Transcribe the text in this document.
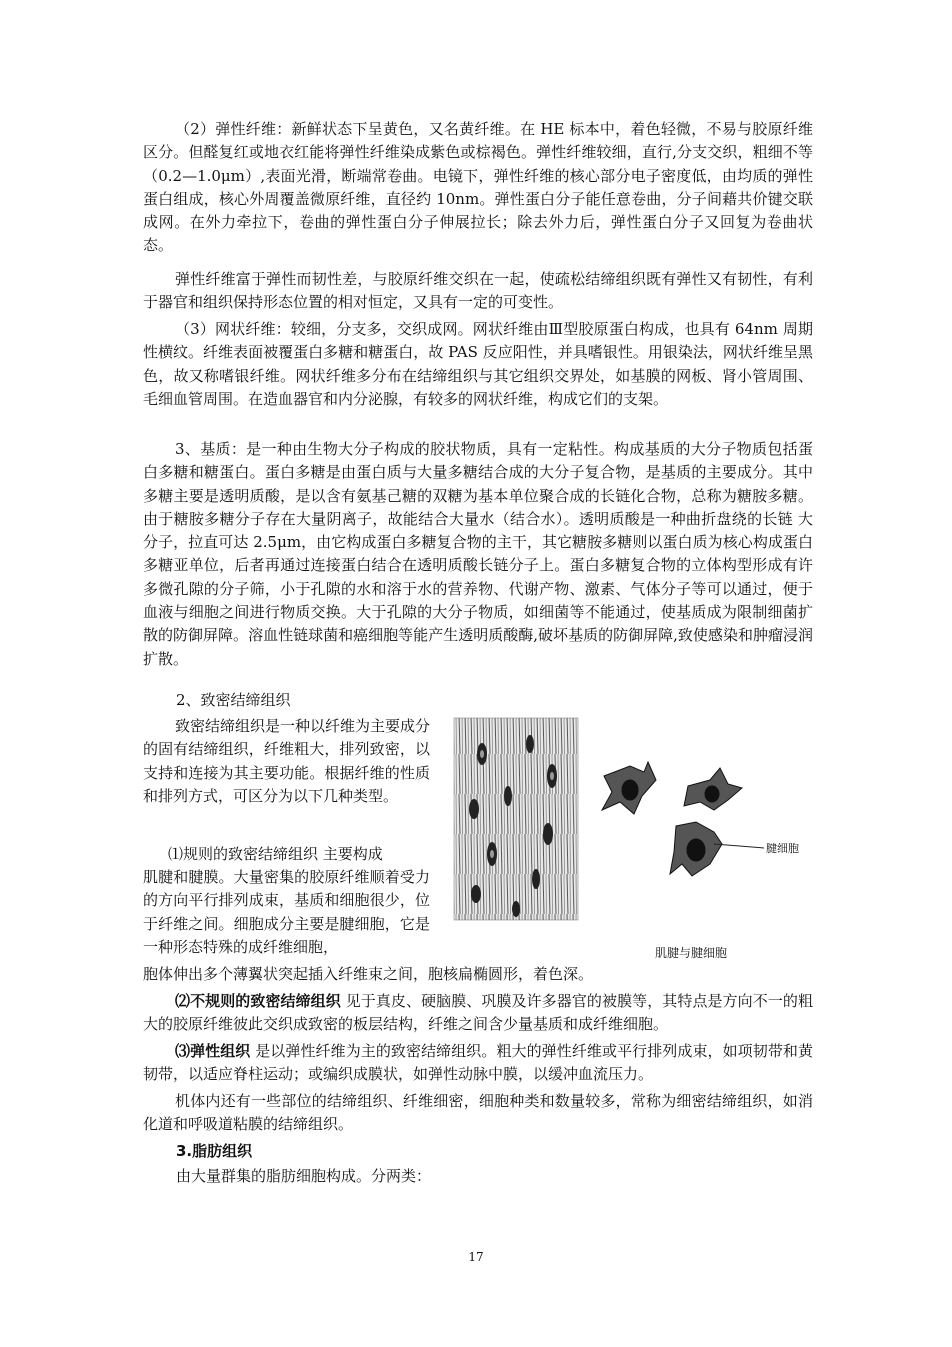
（2）弹性纤维：新鲜状态下呈黄色，又名黄纤维。在 HE 标本中，着色轻微，不易与胶原纤维区分。但醛复红或地衣红能将弹性纤维染成紫色或棕褐色。弹性纤维较细，直行,分支交织，粗细不等（0.2—1.0μm）,表面光滑，断端常卷曲。电镜下，弹性纤维的核心部分电子密度低，由均质的弹性蛋白组成，核心外周覆盖微原纤维，直径约 10nm。弹性蛋白分子能任意卷曲，分子间藉共价键交联成网。在外力牵拉下，卷曲的弹性蛋白分子伸展拉长；除去外力后，弹性蛋白分子又回复为卷曲状态。

弹性纤维富于弹性而韧性差，与胶原纤维交织在一起，使疏松结缔组织既有弹性又有韧性，有利于器官和组织保持形态位置的相对恒定，又具有一定的可变性。

（3）网状纤维：较细，分支多，交织成网。网状纤维由Ⅲ型胶原蛋白构成，也具有 64nm 周期性横纹。纤维表面被覆蛋白多糖和糖蛋白，故 PAS 反应阳性，并具嗜银性。用银染法，网状纤维呈黑色，故又称嗜银纤维。网状纤维多分布在结缔组织与其它组织交界处，如基膜的网板、肾小管周围、毛细血管周围。在造血器官和内分泌腺，有较多的网状纤维，构成它们的支架。

3、基质：是一种由生物大分子构成的胶状物质，具有一定粘性。构成基质的大分子物质包括蛋白多糖和糖蛋白。蛋白多糖是由蛋白质与大量多糖结合成的大分子复合物，是基质的主要成分。其中多糖主要是透明质酸，是以含有氨基己糖的双糖为基本单位聚合成的长链化合物，总称为糖胺多糖。由于糖胺多糖分子存在大量阴离子，故能结合大量水（结合水）。透明质酸是一种曲折盘绕的长链 大分子，拉直可达 2.5μm，由它构成蛋白多糖复合物的主干，其它糖胺多糖则以蛋白质为核心构成蛋白多糖亚单位，后者再通过连接蛋白结合在透明质酸长链分子上。蛋白多糖复合物的立体构型形成有许多微孔隙的分子筛，小于孔隙的水和溶于水的营养物、代谢产物、激素、气体分子等可以通过，便于血液与细胞之间进行物质交换。大于孔隙的大分子物质，如细菌等不能通过，使基质成为限制细菌扩散的防御屏障。溶血性链球菌和癌细胞等能产生透明质酸酶,破坏基质的防御屏障,致使感染和肿瘤浸润扩散。

2、致密结缔组织

致密结缔组织是一种以纤维为主要成分的固有结缔组织，纤维粗大，排列致密，以支持和连接为其主要功能。根据纤维的性质和排列方式，可区分为以下几种类型。

⑴规则的致密结缔组织 主要构成

肌腱和腱膜。大量密集的胶原纤维顺着受力的方向平行排列成束，基质和细胞很少，位于纤维之间。细胞成分主要是腱细胞，它是一种形态特殊的成纤维细胞，

胞体伸出多个薄翼状突起插入纤维束之间，胞核扁椭圆形，着色深。

⑵不规则的致密结缔组织 见于真皮、硬脑膜、巩膜及许多器官的被膜等，其特点是方向不一的粗大的胶原纤维彼此交织成致密的板层结构，纤维之间含少量基质和成纤维细胞。

⑶弹性组织 是以弹性纤维为主的致密结缔组织。粗大的弹性纤维或平行排列成束，如项韧带和黄韧带，以适应脊柱运动；或编织成膜状，如弹性动脉中膜，以缓冲血流压力。

机体内还有一些部位的结缔组织、纤维细密，细胞种类和数量较多，常称为细密结缔组织，如消化道和呼吸道粘膜的结缔组织。

3.脂肪组织

由大量群集的脂肪细胞构成。分两类：

腱细胞
肌腱与腱细胞
17
